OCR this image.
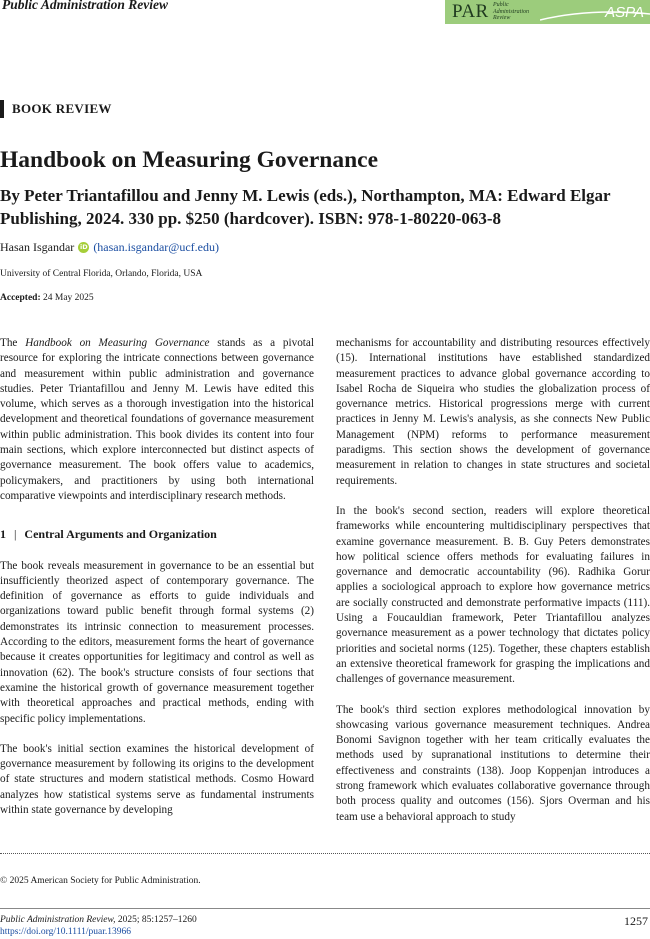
Public Administration Review	PAR Public
Administration
Review	ASPA
BOOK REVIEW
Handbook on Measuring Governance
By Peter Triantafillou and Jenny M. Lewis (eds.), Northampton, MA: Edward Elgar Publishing, 2024. 330 pp. $250 (hardcover). ISBN: 978-1-80220-063-8
Hasan Isgandar iD (hasan.isgandar@ucf.edu)
University of Central Florida, Orlando, Florida, USA
Accepted: 24 May 2025

The Handbook on Measuring Governance stands as a pivotal resource for exploring the intricate connections between governance and measurement within public administration and governance studies. Peter Triantafillou and Jenny M. Lewis have edited this volume, which serves as a thorough investigation into the historical development and theoretical foundations of governance measurement within public administration. This book divides its content into four main sections, which explore interconnected but distinct aspects of governance measurement. The book offers value to academics, policymakers, and practitioners by using both international comparative viewpoints and interdisciplinary research methods.

1 | Central Arguments and Organization

The book reveals measurement in governance to be an essential but insufficiently theorized aspect of contemporary governance. The definition of governance as efforts to guide individuals and organizations toward public benefit through formal systems (2) demonstrates its intrinsic connection to measurement processes. According to the editors, measurement forms the heart of governance because it creates opportunities for legitimacy and control as well as innovation (62). The book's structure consists of four sections that examine the historical growth of governance measurement together with theoretical approaches and practical methods, ending with specific policy implementations.

The book's initial section examines the historical development of governance measurement by following its origins to the development of state structures and modern statistical methods. Cosmo Howard analyzes how statistical systems serve as fundamental instruments within state governance by developing

mechanisms for accountability and distributing resources effectively (15). International institutions have established standardized measurement practices to advance global governance according to Isabel Rocha de Siqueira who studies the globalization process of governance metrics. Historical progressions merge with current practices in Jenny M. Lewis's analysis, as she connects New Public Management (NPM) reforms to performance measurement paradigms. This section shows the development of governance measurement in relation to changes in state structures and societal requirements.

In the book's second section, readers will explore theoretical frameworks while encountering multidisciplinary perspectives that examine governance measurement. B. B. Guy Peters demonstrates how political science offers methods for evaluating failures in governance and democratic accountability (96). Radhika Gorur applies a sociological approach to explore how governance metrics are socially constructed and demonstrate performative impacts (111). Using a Foucauldian framework, Peter Triantafillou analyzes governance measurement as a power technology that dictates policy priorities and societal norms (125). Together, these chapters establish an extensive theoretical framework for grasping the implications and challenges of governance measurement.

The book's third section explores methodological innovation by showcasing various governance measurement techniques. Andrea Bonomi Savignon together with her team critically evaluates the methods used by supranational institutions to determine their effectiveness and constraints (138). Joop Koppenjan introduces a strong framework which evaluates collaborative governance through both process quality and outcomes (156). Sjors Overman and his team use a behavioral approach to study

© 2025 American Society for Public Administration.
Public Administration Review, 2025; 85:1257–1260
https://doi.org/10.1111/puar.13966
1257
